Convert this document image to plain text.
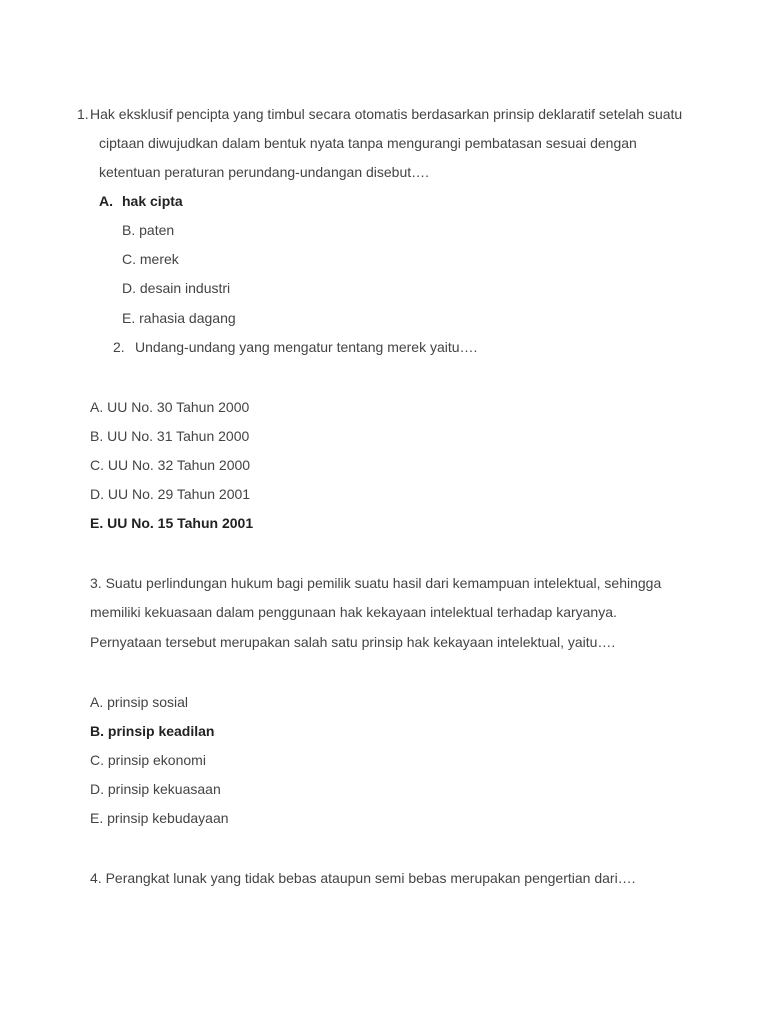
1. Hak eksklusif pencipta yang timbul secara otomatis berdasarkan prinsip deklaratif setelah suatu
ciptaan diwujudkan dalam bentuk nyata tanpa mengurangi pembatasan sesuai dengan
ketentuan peraturan perundang-undangan disebut….
A. hak cipta
B. paten
C. merek
D. desain industri
E. rahasia dagang
2. Undang-undang yang mengatur tentang merek yaitu….
A. UU No. 30 Tahun 2000
B. UU No. 31 Tahun 2000
C. UU No. 32 Tahun 2000
D. UU No. 29 Tahun 2001
E. UU No. 15 Tahun 2001
3. Suatu perlindungan hukum bagi pemilik suatu hasil dari kemampuan intelektual, sehingga
memiliki kekuasaan dalam penggunaan hak kekayaan intelektual terhadap karyanya.
Pernyataan tersebut merupakan salah satu prinsip hak kekayaan intelektual, yaitu….
A. prinsip sosial
B. prinsip keadilan
C. prinsip ekonomi
D. prinsip kekuasaan
E. prinsip kebudayaan
4. Perangkat lunak yang tidak bebas ataupun semi bebas merupakan pengertian dari….
